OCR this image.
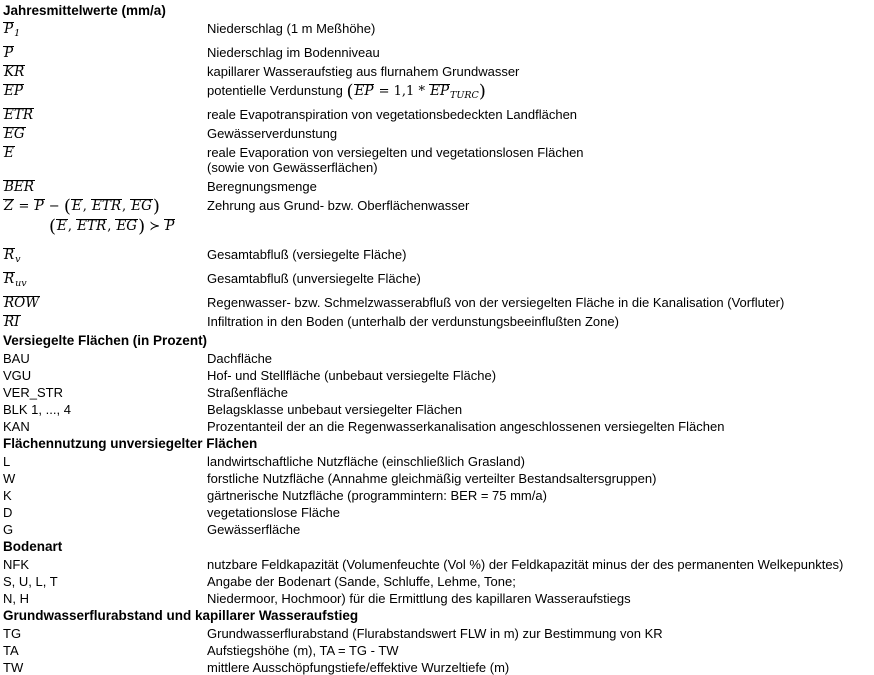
Jahresmittelwerte (mm/a)
$P_1$	Niederschlag (1 m Meßhöhe)
P	Niederschlag im Bodenniveau
KR	kapillarer Wasseraufstieg aus flurnahem Grundwasser
EP	potentielle Verdunstung $(EP = 1,1 * EP_{TURC})$
ETR	reale Evapotranspiration von vegetationsbedeckten Landflächen
EG	Gewässerverdunstung
E	reale Evaporation von versiegelten und vegetationslosen Flächen
(sowie von Gewässerflächen)
BER	Beregnungsmenge
Z = P − (E, ETR, EG)	Zehrung aus Grund- bzw. Oberflächenwasser
(E, ETR, EG) ≻ P
$R_v$	Gesamtabfluß (versiegelte Fläche)
$R_{uv}$	Gesamtabfluß (unversiegelte Fläche)
ROW	Regenwasser- bzw. Schmelzwasserabfluß von der versiegelten Fläche in die Kanalisation (Vorfluter)
RI	Infiltration in den Boden (unterhalb der verdunstungsbeeinflußten Zone)
Versiegelte Flächen (in Prozent)
BAU	Dachfläche
VGU	Hof- und Stellfläche (unbebaut versiegelte Fläche)
VER_STR	Straßenfläche
BLK 1, ..., 4	Belagsklasse unbebaut versiegelter Flächen
KAN	Prozentanteil der an die Regenwasserkanalisation angeschlossenen versiegelten Flächen
Flächennutzung unversiegelter Flächen
L	landwirtschaftliche Nutzfläche (einschließlich Grasland)
W	forstliche Nutzfläche (Annahme gleichmäßig verteilter Bestandsaltersgruppen)
K	gärtnerische Nutzfläche (programmintern: BER = 75 mm/a)
D	vegetationslose Fläche
G	Gewässerfläche
Bodenart
NFK	nutzbare Feldkapazität (Volumenfeuchte (Vol %) der Feldkapazität minus der des permanenten Welkepunktes)
S, U, L, T	Angabe der Bodenart (Sande, Schluffe, Lehme, Tone;
N, H	Niedermoor, Hochmoor) für die Ermittlung des kapillaren Wasseraufstiegs
Grundwasserflurabstand und kapillarer Wasseraufstieg
TG	Grundwasserflurabstand (Flurabstandswert FLW in m) zur Bestimmung von KR
TA	Aufstiegshöhe (m), TA = TG - TW
TW	mittlere Ausschöpfungstiefe/effektive Wurzeltiefe (m)
